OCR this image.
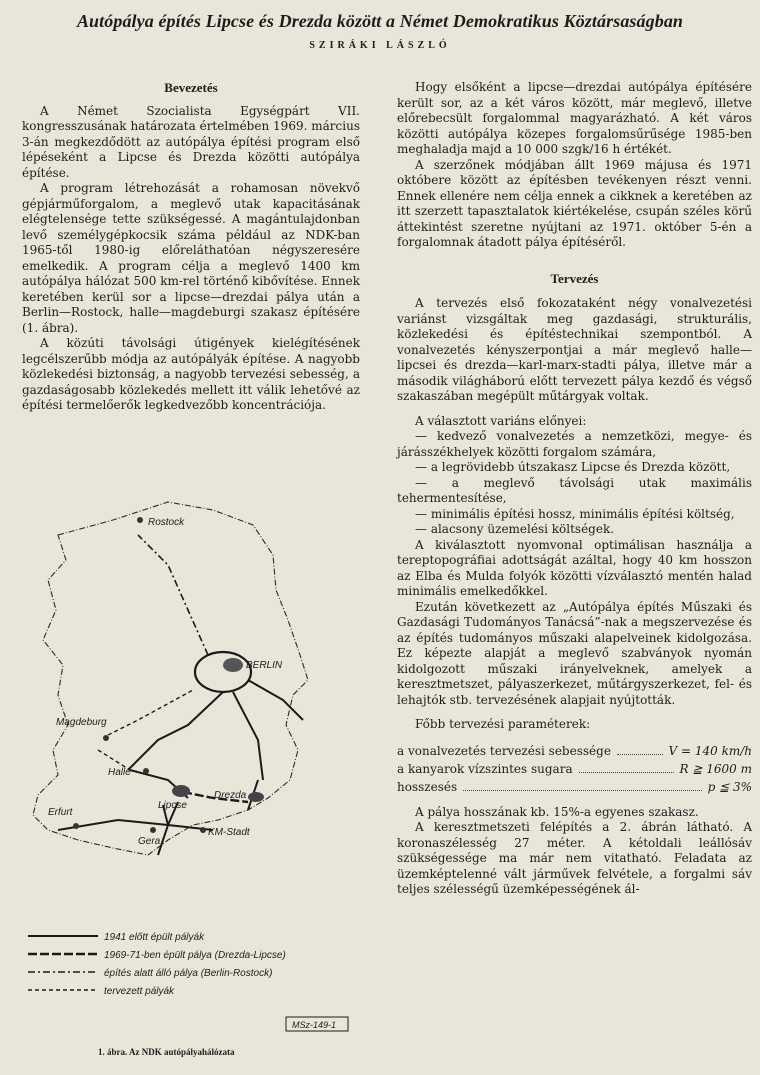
Autópálya építés Lipcse és Drezda között a Német Demokratikus Köztársaságban
SZIRÁKI LÁSZLÓ
Bevezetés

A Német Szocialista Egységpárt VII. kongresszusának határozata értelmében 1969. március 3-án megkezdődött az autópálya építési program első lépéseként a Lipcse és Drezda közötti autópálya építése.

A program létrehozását a rohamosan növekvő gépjárműforgalom, a meglevő utak kapacitásának elégtelensége tette szükségessé. A magántulajdonban levő személygépkocsik száma például az NDK-ban 1965-től 1980-ig előreláthatóan négyszeresére emelkedik. A program célja a meglevő 1400 km autópálya hálózat 500 km-rel történő kibővítése. Ennek keretében kerül sor a lipcse—drezdai pálya után a Berlin—Rostock, halle—magdeburgi szakasz építésére (1. ábra).

A közúti távolsági útigények kielégítésének legcélszerűbb módja az autópályák építése. A nagyobb közlekedési biztonság, a nagyobb tervezési sebesség, a gazdaságosabb közlekedés mellett itt válik lehetővé az építési termelőerők legkedvezőbb koncentrációja.

Rostock
BERLIN
Magdeburg
Halle
Lipcse
Drezda
Erfurt
Gera
KM-Stadt
1941 előtt épült pályák
1969-71-ben épült pálya (Drezda-Lipcse)
építés alatt álló pálya (Berlin-Rostock)
tervezett pályák
MSz-149-1
1. ábra. Az NDK autópályahálózata

Hogy elsőként a lipcse—drezdai autópálya építésére került sor, az a két város között, már meglevő, illetve előrebecsült forgalommal magyarázható. A két város közötti autópálya közepes forgalomsűrűsége 1985-ben meghaladja majd a 10 000 szgk/16 h értékét.

A szerzőnek módjában állt 1969 májusa és 1971 októbere között az építésben tevékenyen részt venni. Ennek ellenére nem célja ennek a cikknek a keretében az itt szerzett tapasztalatok kiértékelése, csupán széles körű áttekintést szeretne nyújtani az 1971. október 5-én a forgalomnak átadott pálya építéséről.

Tervezés

A tervezés első fokozataként négy vonalvezetési variánst vizsgáltak meg gazdasági, strukturális, közlekedési és építéstechnikai szempontból. A vonalvezetés kényszerpontjai a már meglevő halle—lipcsei és drezda—karl-marx-stadti pálya, illetve már a második világháború előtt tervezett pálya kezdő és végső szakaszában megépült műtárgyak voltak.

A választott variáns előnyei:

— kedvező vonalvezetés a nemzetközi, megye- és járásszékhelyek közötti forgalom számára,

— a legrövidebb útszakasz Lipcse és Drezda között,

— a meglevő távolsági utak maximális tehermentesítése,

— minimális építési hossz, minimális építési költség,

— alacsony üzemelési költségek.

A kiválasztott nyomvonal optimálisan használja a tereptopográfiai adottságát azáltal, hogy 40 km hosszon az Elba és Mulda folyók közötti vízválasztó mentén halad minimális emelkedőkkel.

Ezután következett az „Autópálya építés Műszaki és Gazdasági Tudományos Tanácsá”-nak a megszervezése és az építés tudományos műszaki alapelveinek kidolgozása. Ez képezte alapját a meglevő szabványok nyomán kidolgozott műszaki irányelveknek, amelyek a keresztmetszet, pályaszerkezet, műtárgyszerkezet, fel- és lehajtók stb. tervezésének alapjait nyújtották.

Főbb tervezési paraméterek:

a vonalvezetés tervezési sebessége	V = 140 km/h
a kanyarok vízszintes sugara	R ≧ 1600 m
hosszesés	p ≦ 3%

A pálya hosszának kb. 15%-a egyenes szakasz.

A keresztmetszeti felépítés a 2. ábrán látható. A koronaszélesség 27 méter. A kétoldali leállósáv szükségessége ma már nem vitatható. Feladata az üzemképtelenné vált járművek felvétele, a forgalmi sáv teljes szélességű üzemképességének ál-
